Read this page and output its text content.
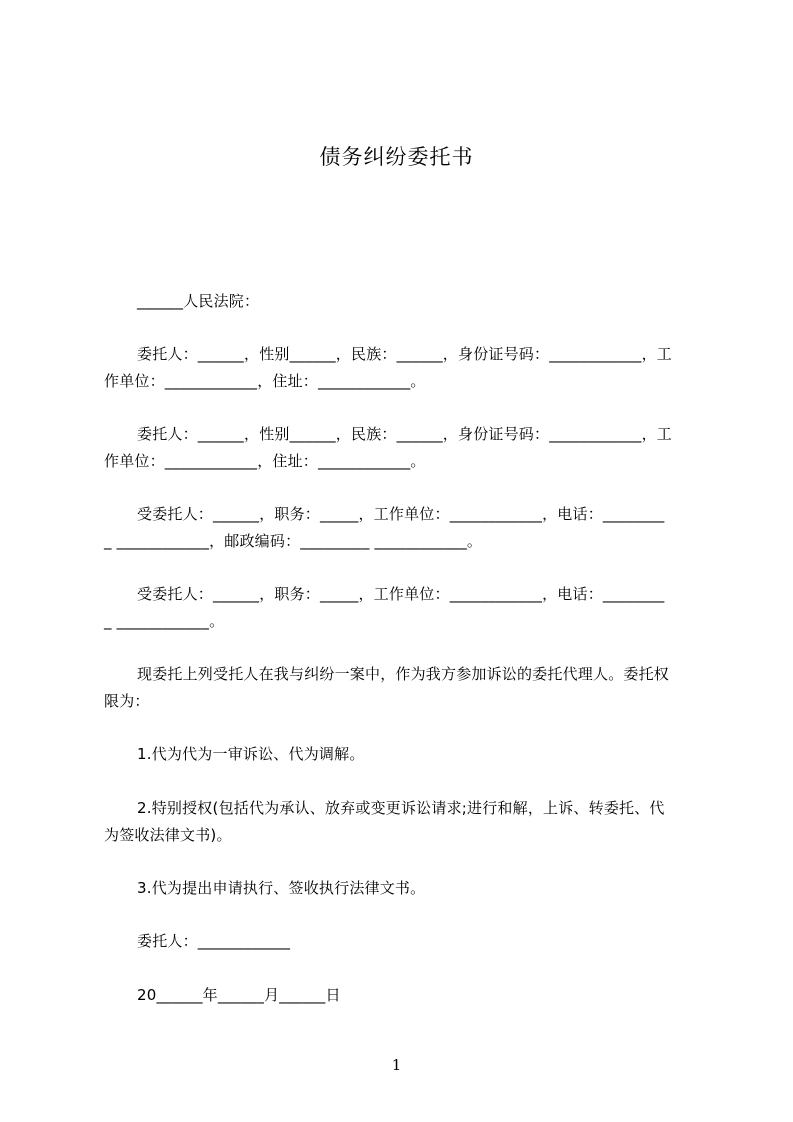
债务纠纷委托书
______人民法院：
委托人：______，性别______，民族：______，身份证号码：____________，工
作单位：____________，住址：____________。
委托人：______，性别______，民族：______，身份证号码：____________，工
作单位：____________，住址：____________。
受委托人：______，职务：_____，工作单位：____________，电话：________
_ ____________，邮政编码：_________ ____________。
受委托人：______，职务：_____，工作单位：____________，电话：________
_ ____________。
现委托上列受托人在我与纠纷一案中，作为我方参加诉讼的委托代理人。委托权
限为：
1.代为代为一审诉讼、代为调解。
2.特别授权(包括代为承认、放弃或变更诉讼请求;进行和解，上诉、转委托、代
为签收法律文书)。
3.代为提出申请执行、签收执行法律文书。
委托人：____________
20______年______月______日
1
